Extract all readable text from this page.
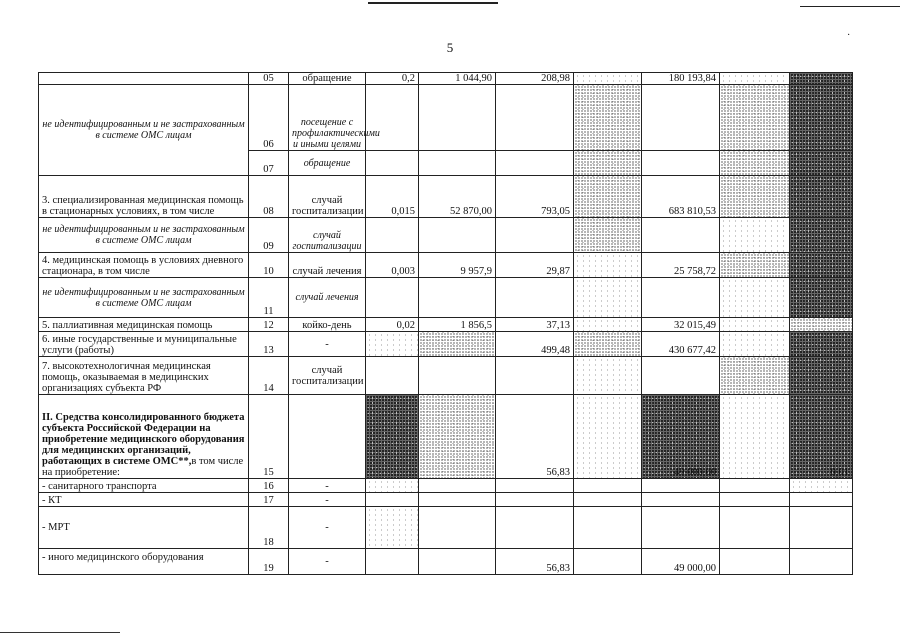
5
·
	05	обращение	0,2	1 044,90	208,98		180 193,84		
не идентифицированным и не застрахованным в системе ОМС лицам	06	посещение с профилактическими и иными целями							
	07	обращение							
3. специализированная медицинская помощь в стационарных условиях, в том числе	08	случай госпитализации	0,015	52 870,00	793,05		683 810,53		
не идентифицированным и не застрахованным в системе ОМС лицам	09	случай госпитализации							
4. медицинская помощь в условиях дневного стационара, в том числе	10	случай лечения	0,003	9 957,9	29,87		25 758,72		
не идентифицированным и не застрахованным в системе ОМС лицам	11	случай лечения							
5. паллиативная медицинская помощь	12	койко-день	0,02	1 856,5	37,13		32 015,49		
6. иные государственные и муниципальные услуги (работы)	13	-			499,48		430 677,42		
7. высокотехнологичная медицинская помощь, оказываемая в медицинских организациях субъекта РФ	14	случай госпитализации							
II. Средства консолидированного бюджета субъекта Российской Федерации на приобретение медицинского оборудования для медицинских организаций, работающих в системе ОМС**,в том числе на приобретение:	15				56,83		49 000,00		0,01
- санитарного транспорта	16	-							
- КТ	17	-							
- МРТ	18	-							
- иного медицинского оборудования	19	-			56,83		49 000,00		
